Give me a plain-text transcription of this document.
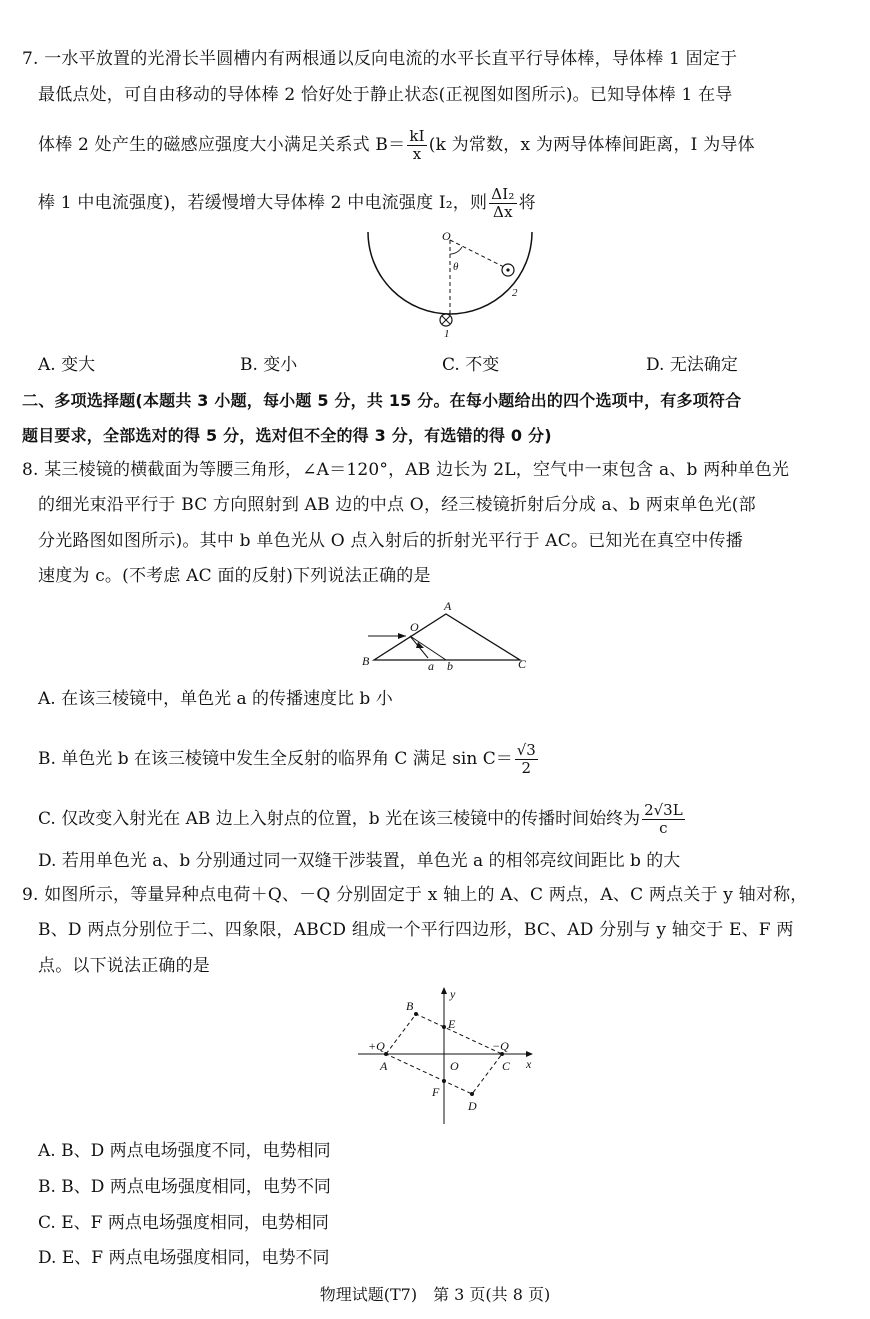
7. 一水平放置的光滑长半圆槽内有两根通以反向电流的水平长直平行导体棒，导体棒 1 固定于
最低点处，可自由移动的导体棒 2 恰好处于静止状态(正视图如图所示)。已知导体棒 1 在导
体棒 2 处产生的磁感应强度大小满足关系式 $B= \frac{kI}{x} (k$ 为常数，x 为两导体棒间距离，I 为导体
棒 1 中电流强度)，若缓慢增大导体棒 2 中电流强度 I₂，则 $\frac{\text{ΔI₂}}{\Delta x}$ 将
O
θ
2
1
A. 变大	B. 变小	C. 不变	D. 无法确定
二、多项选择题(本题共 3 小题，每小题 5 分，共 15 分。在每小题给出的四个选项中，有多项符合
题目要求，全部选对的得 5 分，选对但不全的得 3 分，有选错的得 0 分)
8. 某三棱镜的横截面为等腰三角形，∠A＝120°，AB 边长为 2L，空气中一束包含 a、b 两种单色光
的细光束沿平行于 BC 方向照射到 AB 边的中点 O，经三棱镜折射后分成 a、b 两束单色光(部
分光路图如图所示)。其中 b 单色光从 O 点入射后的折射光平行于 AC。已知光在真空中传播
速度为 c。(不考虑 AC 面的反射)下列说法正确的是
A
O
B	C
a b
A. 在该三棱镜中，单色光 a 的传播速度比 b 小
B. 单色光 b 在该三棱镜中发生全反射的临界角 C 满足 $\sin C= \frac{√3}{2}$
C. 仅改变入射光在 AB 边上入射点的位置，b 光在该三棱镜中的传播时间始终为 $\frac{2√3L}{c}$
D. 若用单色光 a、b 分别通过同一双缝干涉装置，单色光 a 的相邻亮纹间距比 b 的大
9. 如图所示，等量异种点电荷＋Q、－Q 分别固定于 x 轴上的 A、C 两点，A、C 两点关于 y 轴对称，
B、D 两点分别位于二、四象限，ABCD 组成一个平行四边形，BC、AD 分别与 y 轴交于 E、F 两
点。以下说法正确的是
y
x
B
E
+Q	−Q
A	O	C
F
D
A. B、D 两点电场强度不同，电势相同
B. B、D 两点电场强度相同，电势不同
C. E、F 两点电场强度相同，电势相同
D. E、F 两点电场强度相同，电势不同
物理试题(T7)　第 3 页(共 8 页)
